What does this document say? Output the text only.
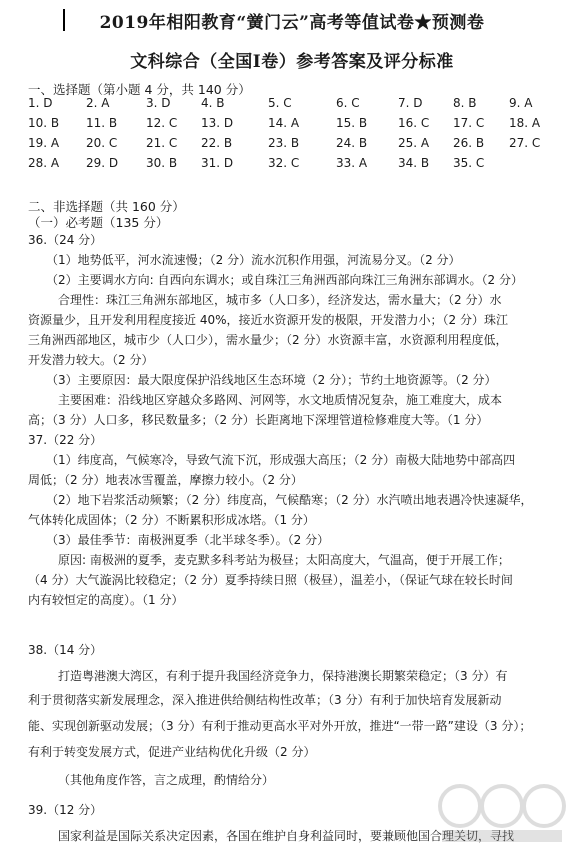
2019年相阳教育“黉门云”高考等值试卷★预测卷
文科综合（全国Ⅰ卷）参考答案及评分标准
一、选择题（第小题 4 分，共 140 分）
1. D	2. A	3. D	4. B	5. C	6. C	7. D	8. B	9. A
10. B 11. B 12. C 13. D	14. A	15. B	16. C 17. C 18. A
19. A 20. C 21. C 22. B	23. B	24. B	25. A 26. B 27. C
28. A 29. D 30. B 31. D	32. C	33. A	34. B 35. C
二、非选择题（共 160 分）
（一）必考题（135 分）
36.（24 分）
（1）地势低平，河水流速慢；（2 分）流水沉积作用强，河流易分叉。（2 分）
（2）主要调水方向: 自西向东调水；或自珠江三角洲西部向珠江三角洲东部调水。（2 分）
合理性：珠江三角洲东部地区，城市多（人口多），经济发达，需水量大；（2 分）水
资源量少，且开发利用程度接近 40%，接近水资源开发的极限，开发潜力小；（2 分）珠江
三角洲西部地区，城市少（人口少），需水量少；（2 分）水资源丰富，水资源利用程度低，
开发潜力较大。（2 分）
（3）主要原因：最大限度保护沿线地区生态环境（2 分）；节约土地资源等。（2 分）
主要困难：沿线地区穿越众多路网、河网等，水文地质情况复杂，施工难度大，成本
高；（3 分）人口多，移民数量多；（2 分）长距离地下深埋管道检修难度大等。（1 分）
37.（22 分）
（1）纬度高，气候寒冷，导致气流下沉，形成强大高压；（2 分）南极大陆地势中部高四
周低；（2 分）地表冰雪覆盖，摩擦力较小。（2 分）
（2）地下岩浆活动频繁；（2 分）纬度高，气候酷寒；（2 分）水汽喷出地表遇冷快速凝华，
气体转化成固体；（2 分）不断累积形成冰塔。（1 分）
（3）最佳季节：南极洲夏季（北半球冬季）。（2 分）
原因: 南极洲的夏季，麦克默多科考站为极昼；太阳高度大，气温高，便于开展工作；
（4 分）大气漩涡比较稳定；（2 分）夏季持续日照（极昼），温差小，（保证气球在较长时间
内有较恒定的高度）。（1 分）
38.（14 分）
打造粤港澳大湾区，有利于提升我国经济竞争力，保持港澳长期繁荣稳定；（3 分）有
利于贯彻落实新发展理念，深入推进供给侧结构性改革；（3 分）有利于加快培育发展新动
能、实现创新驱动发展；（3 分）有利于推动更高水平对外开放，推进“一带一路”建设（3 分）；
有利于转变发展方式，促进产业结构优化升级（2 分）
（其他角度作答，言之成理，酌情给分）
39.（12 分）
国家利益是国际关系决定因素，各国在维护自身利益同时，要兼顾他国合理关切，寻找
